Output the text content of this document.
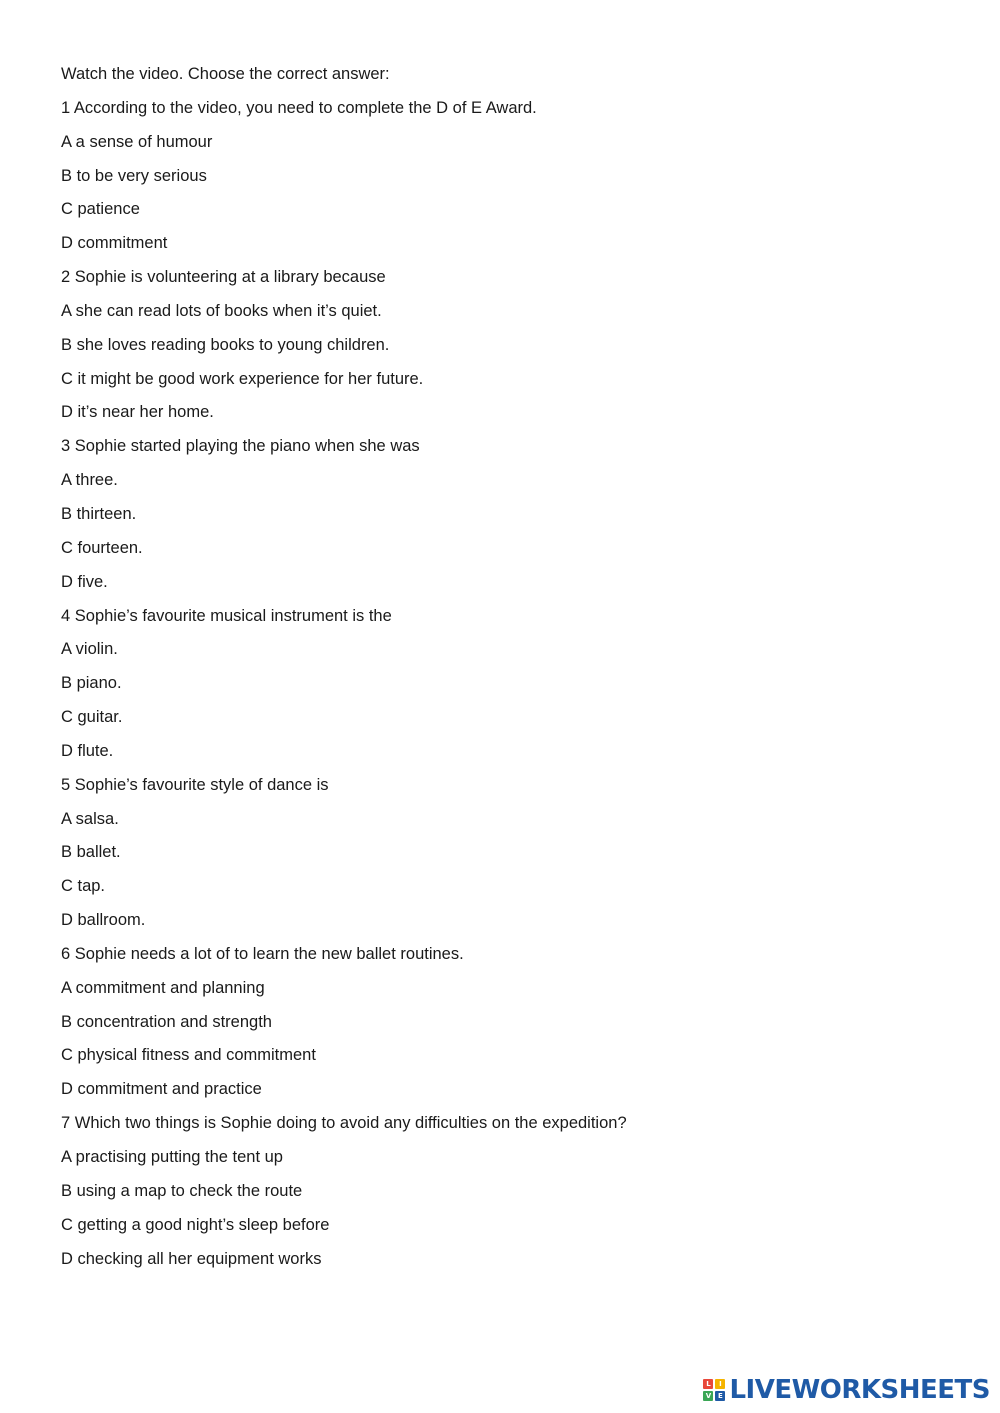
Watch the video. Choose the correct answer:
1 According to the video, you need to complete the D of E Award.
A a sense of humour
B to be very serious
C patience
D commitment
2 Sophie is volunteering at a library because
A she can read lots of books when it’s quiet.
B she loves reading books to young children.
C it might be good work experience for her future.
D it’s near her home.
3 Sophie started playing the piano when she was
A three.
B thirteen.
C fourteen.
D five.
4 Sophie’s favourite musical instrument is the
A violin.
B piano.
C guitar.
D flute.
5 Sophie’s favourite style of dance is
A salsa.
B ballet.
C tap.
D ballroom.
6 Sophie needs a lot of to learn the new ballet routines.
A commitment and planning
B concentration and strength
C physical fitness and commitment
D commitment and practice
7 Which two things is Sophie doing to avoid any difficulties on the expedition?
A practising putting the tent up
B using a map to check the route
C getting a good night’s sleep before
D checking all her equipment works
L	I
V E LIVEWORKSHEETS
